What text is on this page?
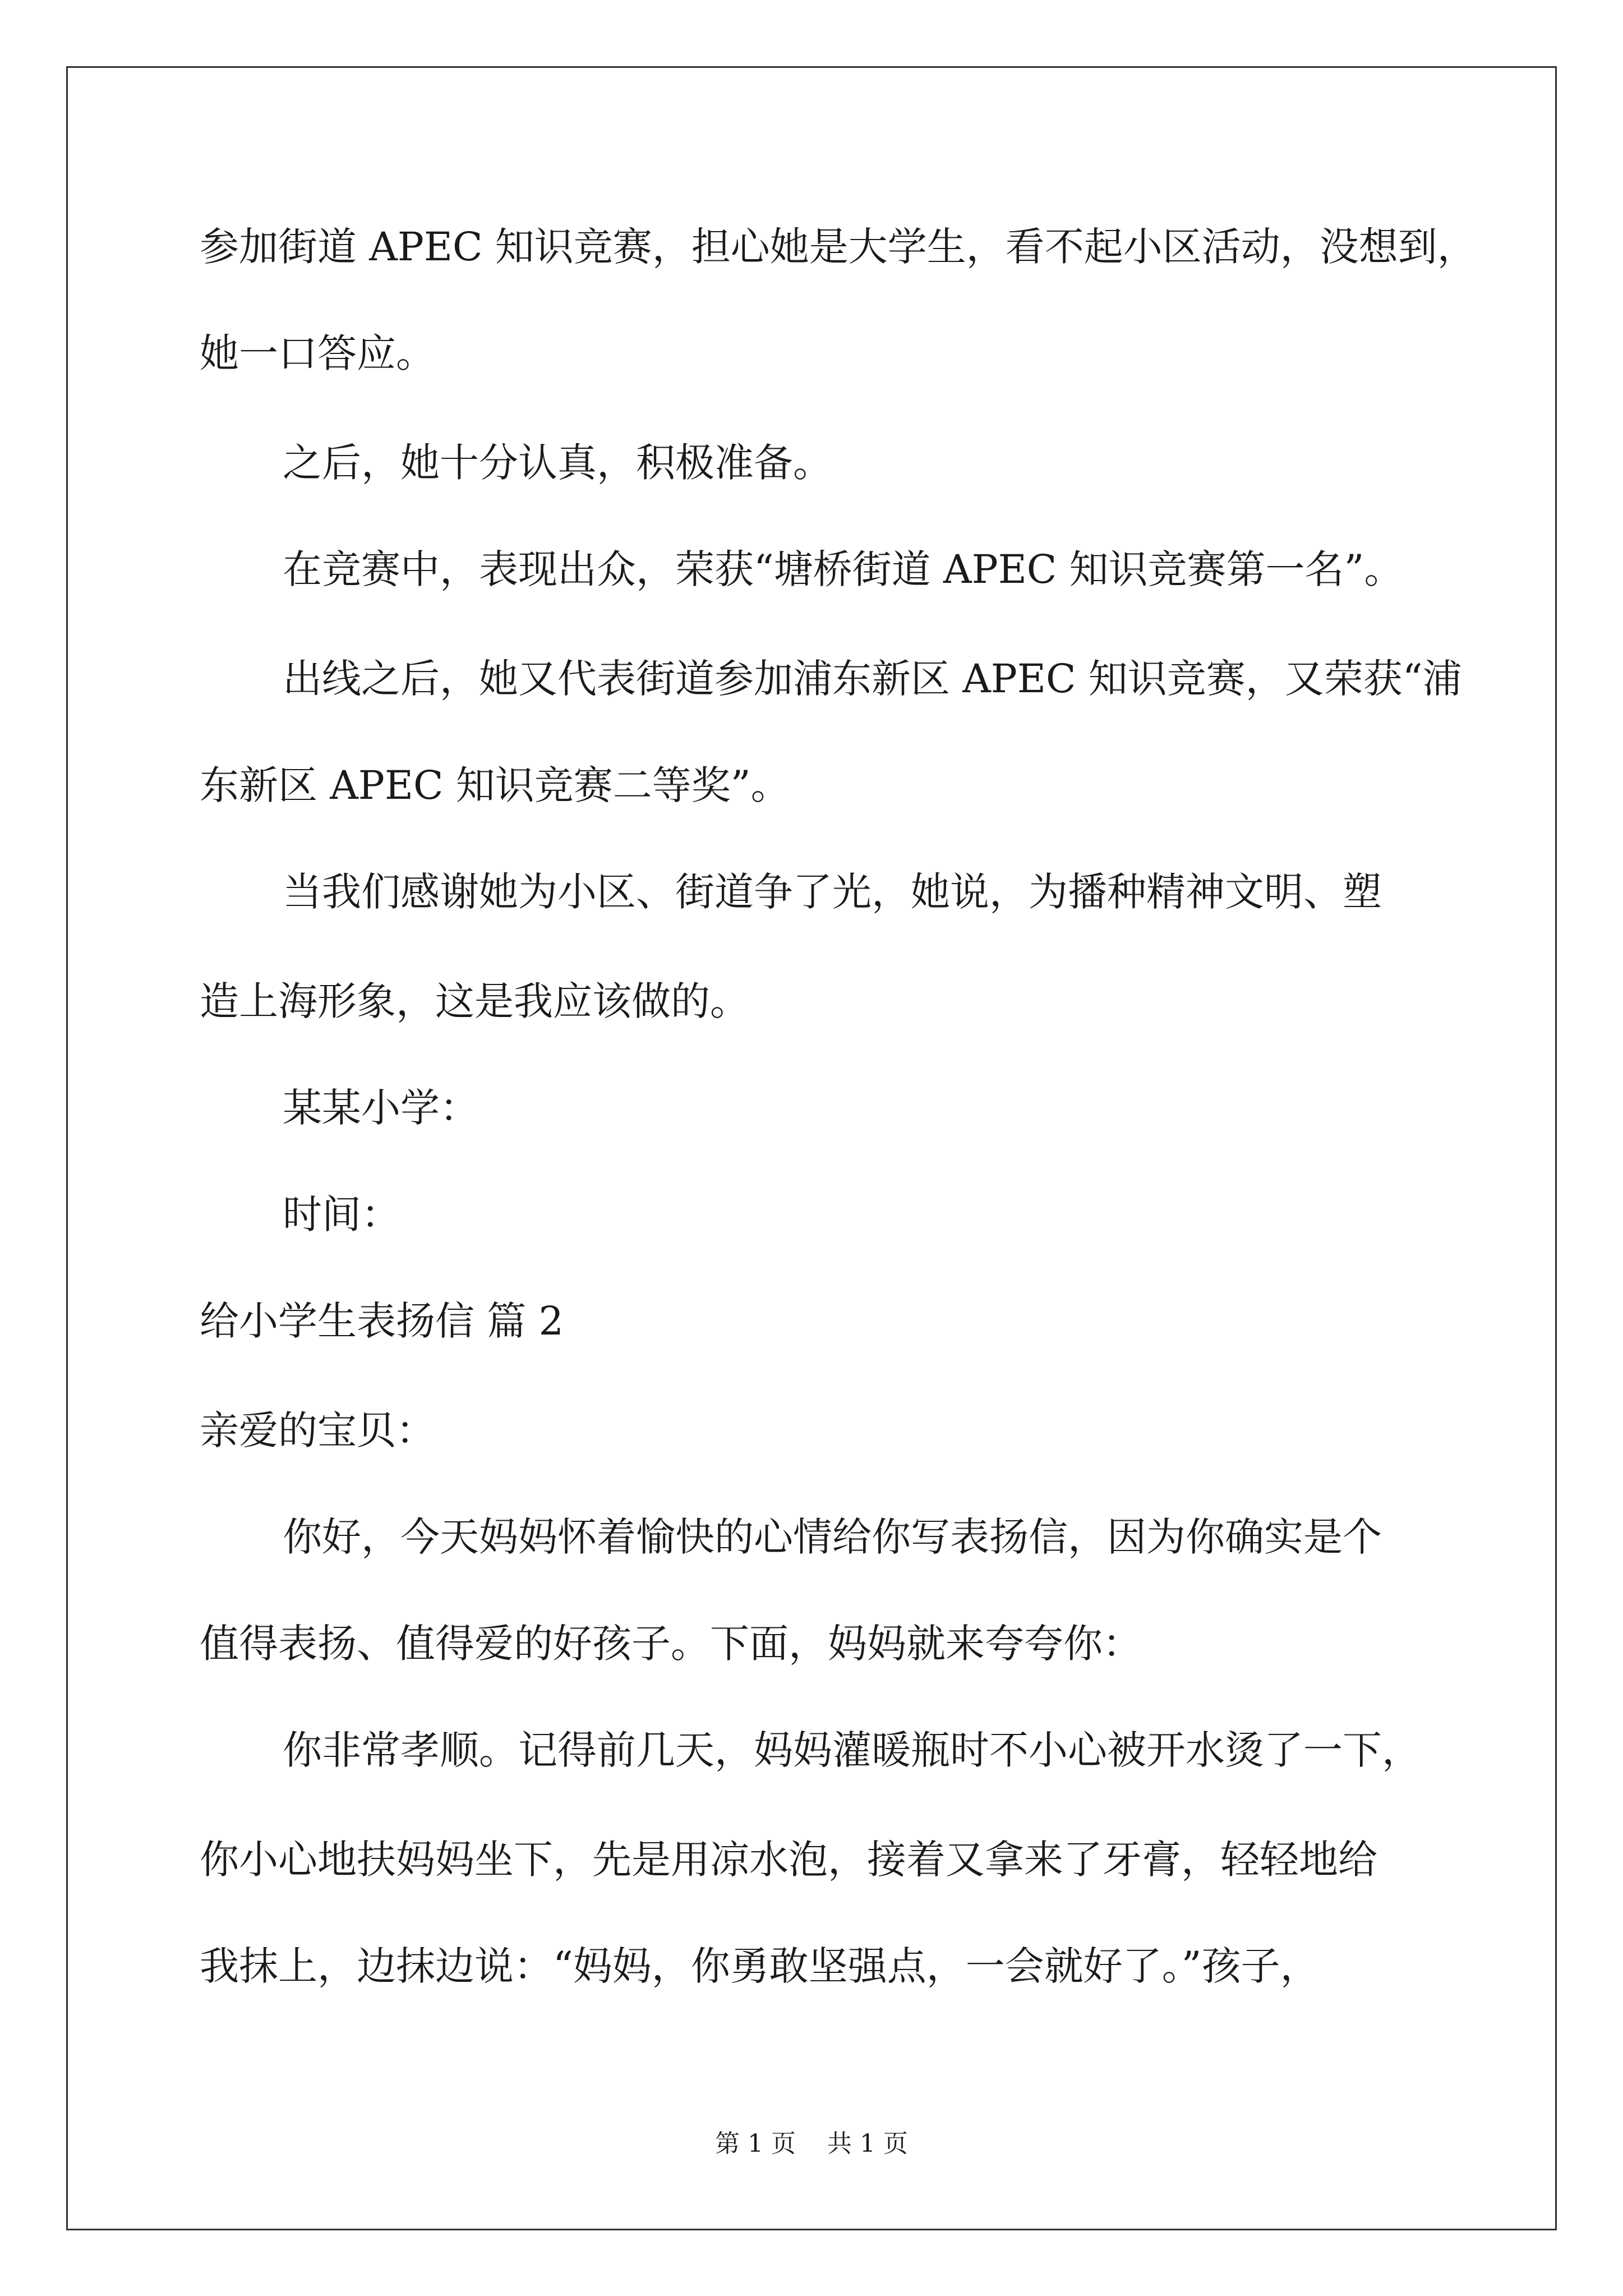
参加街道 APEC 知识竞赛，担心她是大学生，看不起小区活动，没想到，
她一口答应。
之后，她十分认真，积极准备。
在竞赛中，表现出众，荣获“塘桥街道 APEC 知识竞赛第一名”。
出线之后，她又代表街道参加浦东新区 APEC 知识竞赛，又荣获“浦
东新区 APEC 知识竞赛二等奖”。
当我们感谢她为小区、街道争了光，她说，为播种精神文明、塑
造上海形象，这是我应该做的。
某某小学：
时间：
给小学生表扬信 篇 2
亲爱的宝贝：
你好，今天妈妈怀着愉快的心情给你写表扬信，因为你确实是个
值得表扬、值得爱的好孩子。下面，妈妈就来夸夸你：
你非常孝顺。记得前几天，妈妈灌暖瓶时不小心被开水烫了一下，
你小心地扶妈妈坐下，先是用凉水泡，接着又拿来了牙膏，轻轻地给
我抹上，边抹边说：“妈妈，你勇敢坚强点，一会就好了。”孩子，
第 1 页    共 1 页
